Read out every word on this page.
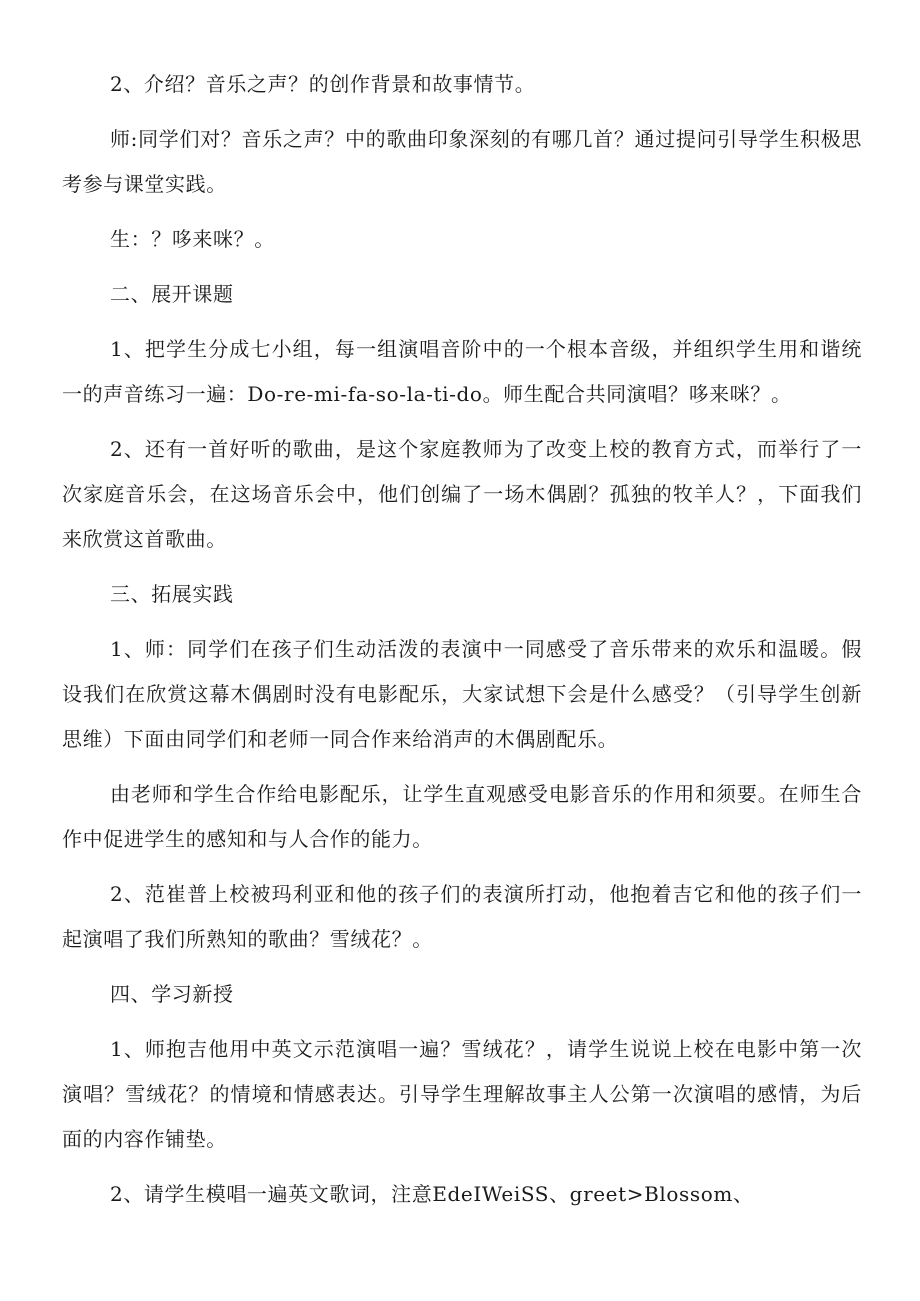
2、介绍？音乐之声？的创作背景和故事情节。

师:同学们对？音乐之声？中的歌曲印象深刻的有哪几首？通过提问引导学生积极思考参与课堂实践。

生：？哆来咪？。

二、展开课题

1、把学生分成七小组，每一组演唱音阶中的一个根本音级，并组织学生用和谐统一的声音练习一遍：Do-re-mi-fa-so-la-ti-do。师生配合共同演唱？哆来咪？。

2、还有一首好听的歌曲，是这个家庭教师为了改变上校的教育方式，而举行了一次家庭音乐会，在这场音乐会中，他们创编了一场木偶剧？孤独的牧羊人？，下面我们来欣赏这首歌曲。

三、拓展实践

1、师：同学们在孩子们生动活泼的表演中一同感受了音乐带来的欢乐和温暖。假设我们在欣赏这幕木偶剧时没有电影配乐，大家试想下会是什么感受？（引导学生创新思维）下面由同学们和老师一同合作来给消声的木偶剧配乐。

由老师和学生合作给电影配乐，让学生直观感受电影音乐的作用和须要。在师生合作中促进学生的感知和与人合作的能力。

2、范崔普上校被玛利亚和他的孩子们的表演所打动，他抱着吉它和他的孩子们一起演唱了我们所熟知的歌曲？雪绒花？。

四、学习新授

1、师抱吉他用中英文示范演唱一遍？雪绒花？，请学生说说上校在电影中第一次演唱？雪绒花？的情境和情感表达。引导学生理解故事主人公第一次演唱的感情，为后面的内容作铺垫。

2、请学生模唱一遍英文歌词，注意EdeIWeiSS、greet>Blossom、
